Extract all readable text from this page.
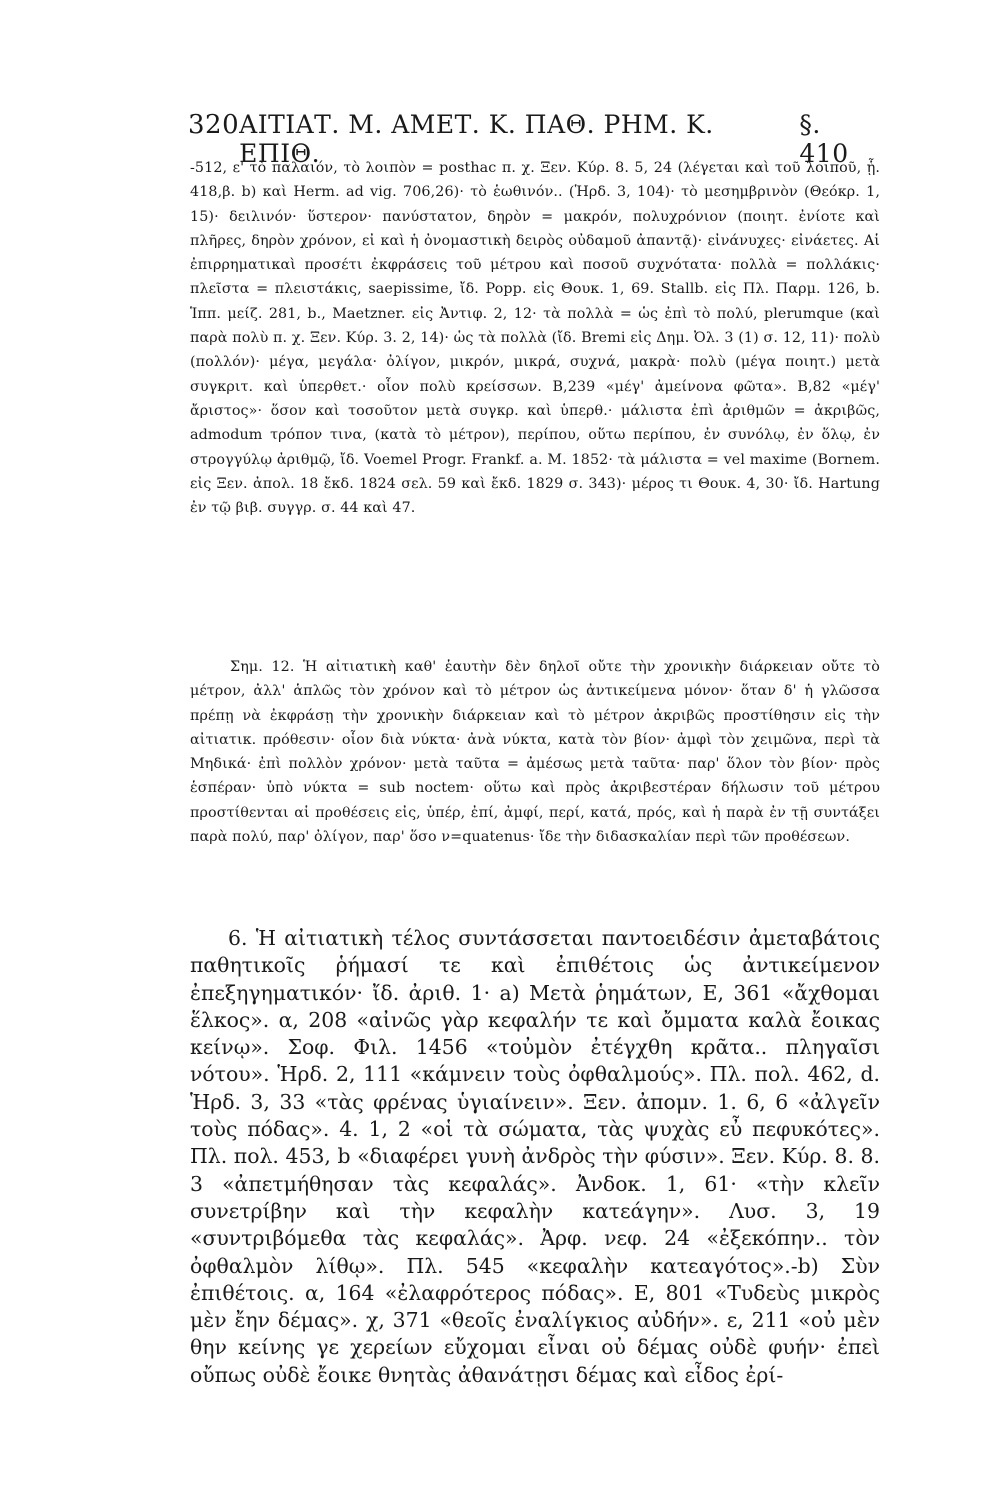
320 ΑΙΤΙΑΤ. Μ. ΑΜΕΤ. Κ. ΠΑΘ. ΡΗΜ. Κ. ΕΠΙΘ.
§. 410

-512, ε' τὸ παλαιόν, τὸ λοιπὸν = posthac π. χ. Ξεν. Κύρ. 8. 5, 24 (λέγεται καὶ τοῦ λοιποῦ, ᾗ. 418,β. b) καὶ Herm. ad vig. 706,26)· τὸ ἑωθινόν.. (Ἡρδ. 3, 104)· τὸ μεσημβρινὸν (Θεόκρ. 1, 15)· δειλινόν· ὕστερον· πανύστατον, δηρὸν = μακρόν, πολυχρόνιον (ποιητ. ἐνίοτε καὶ πλῆρες, δηρὸν χρόνον, εἰ καὶ ἡ ὀνομαστικὴ δειρὸς οὐδαμοῦ ἀπαντᾷ)· εἰνάνυχες· εἰνάετες. Αἱ ἐπιρρηματικαὶ προσέτι ἐκφράσεις τοῦ μέτρου καὶ ποσοῦ συχνότατα· πολλὰ = πολλάκις· πλεῖστα = πλειστάκις, saepissime, ἴδ. Popp. εἰς Θουκ. 1, 69. Stallb. εἰς Πλ. Παρμ. 126, b. Ἱππ. μείζ. 281, b., Maetzner. εἰς Ἀντιφ. 2, 12· τὰ πολλὰ = ὡς ἐπὶ τὸ πολύ, plerumque (καὶ παρὰ πολὺ π. χ. Ξεν. Κύρ. 3. 2, 14)· ὡς τὰ πολλὰ (ἴδ. Bremi εἰς Δημ. Ὀλ. 3 (1) σ. 12, 11)· πολὺ (πολλόν)· μέγα, μεγάλα· ὀλίγον, μικρόν, μικρά, συχνά, μακρὰ· πολὺ (μέγα ποιητ.) μετὰ συγκριτ. καὶ ὑπερθετ.· οἷον πολὺ κρείσσων. Β,239 «μέγ' ἀμείνονα φῶτα». Β,82 «μέγ' ἄριστος»· ὅσον καὶ τοσοῦτον μετὰ συγκρ. καὶ ὑπερθ.· μάλιστα ἐπὶ ἀριθμῶν = ἀκριβῶς, admodum τρόπον τινα, (κατὰ τὸ μέτρον), περίπου, οὕτω περίπου, ἐν συνόλῳ, ἐν ὅλῳ, ἐν στρογγύλῳ ἀριθμῷ, ἴδ. Voemel Progr. Frankf. a. M. 1852· τὰ μάλιστα = vel maxime (Bornem. εἰς Ξεν. ἀπολ. 18 ἔκδ. 1824 σελ. 59 καὶ ἔκδ. 1829 σ. 343)· μέρος τι Θουκ. 4, 30· ἴδ. Hartung ἐν τῷ βιβ. συγγρ. σ. 44 καὶ 47.

Σημ. 12. Ἡ αἰτιατικὴ καθ' ἑαυτὴν δὲν δηλοῖ οὔτε τὴν χρονικὴν διάρκειαν οὔτε τὸ μέτρον, ἀλλ' ἁπλῶς τὸν χρόνον καὶ τὸ μέτρον ὡς ἀντικείμενα μόνον· ὅταν δ' ἡ γλῶσσα πρέπῃ νὰ ἐκφράσῃ τὴν χρονικὴν διάρκειαν καὶ τὸ μέτρον ἀκριβῶς προστίθησιν εἰς τὴν αἰτιατικ. πρόθεσιν· οἷον διὰ νύκτα· ἀνὰ νύκτα, κατὰ τὸν βίον· ἀμφὶ τὸν χειμῶνα, περὶ τὰ Μηδικά· ἐπὶ πολλὸν χρόνον· μετὰ ταῦτα = ἀμέσως μετὰ ταῦτα· παρ' ὅλον τὸν βίον· πρὸς ἑσπέραν· ὑπὸ νύκτα = sub noctem· οὕτω καὶ πρὸς ἀκριβεστέραν δήλωσιν τοῦ μέτρου προστίθενται αἱ προθέσεις εἰς, ὑπέρ, ἐπί, ἀμφί, περί, κατά, πρός, καὶ ἡ παρὰ ἐν τῇ συντάξει παρὰ πολύ, παρ' ὀλίγον, παρ' ὅσο ν=quatenus· ἴδε τὴν διδασκαλίαν περὶ τῶν προθέσεων.

6. Ἡ αἰτιατικὴ τέλος συντάσσεται παντοειδέσιν ἀμεταβάτοις παθητικοῖς ῥήμασί τε καὶ ἐπιθέτοις ὡς ἀντικείμενον ἐπεξηγηματικόν· ἴδ. ἀριθ. 1· a) Μετὰ ῥημάτων, Ε, 361 «ἄχθομαι ἕλκος». α, 208 «αἰνῶς γὰρ κεφαλήν τε καὶ ὄμματα καλὰ ἔοικας κείνῳ». Σοφ. Φιλ. 1456 «τοὐμὸν ἐτέγχθη κρᾶτα.. πληγαῖσι νότου». Ἡρδ. 2, 111 «κάμνειν τοὺς ὀφθαλμούς». Πλ. πολ. 462, d. Ἡρδ. 3, 33 «τὰς φρένας ὑγιαίνειν». Ξεν. ἀπομν. 1. 6, 6 «ἀλγεῖν τοὺς πόδας». 4. 1, 2 «οἱ τὰ σώματα, τὰς ψυχὰς εὖ πεφυκότες». Πλ. πολ. 453, b «διαφέρει γυνὴ ἀνδρὸς τὴν φύσιν». Ξεν. Κύρ. 8. 8. 3 «ἀπετμήθησαν τὰς κεφαλάς». Ἀνδοκ. 1, 61· «τὴν κλεῖν συνετρίβην καὶ τὴν κεφαλὴν κατεάγην». Λυσ. 3, 19 «συντριβόμεθα τὰς κεφαλάς». Ἀρφ. νεφ. 24 «ἐξεκόπην.. τὸν ὀφθαλμὸν λίθῳ». Πλ. 545 «κεφαλὴν κατεαγότος».-b) Σὺν ἐπιθέτοις. α, 164 «ἐλαφρότερος πόδας». Ε, 801 «Τυδεὺς μικρὸς μὲν ἔην δέμας». χ, 371 «θεοῖς ἐναλίγκιος αὐδήν». ε, 211 «οὐ μὲν θην κείνης γε χερείων εὔχομαι εἶναι οὐ δέμας οὐδὲ φυήν· ἐπεὶ οὔπως οὐδὲ ἔοικε θνητὰς ἀθανάτῃσι δέμας καὶ εἶδος ἐρί-
